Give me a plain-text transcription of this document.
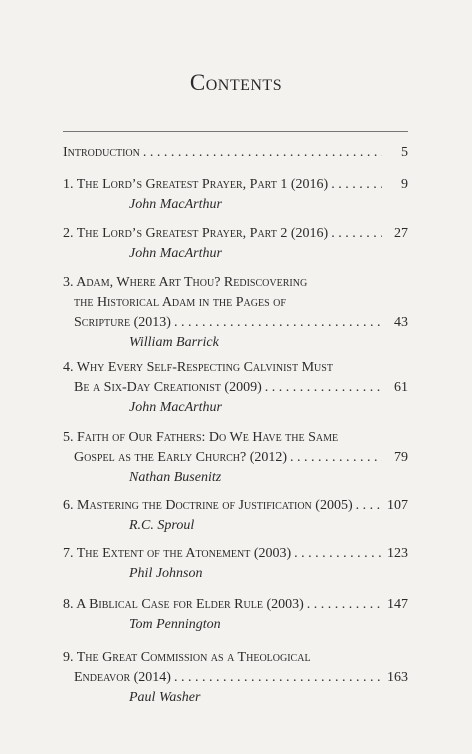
Contents
Introduction . . .	5
1. The Lord’s Greatest Prayer, Part 1 (2016) . . .	9
John MacArthur
2. The Lord’s Greatest Prayer, Part 2 (2016) . . .	27
John MacArthur
3. Adam, Where Art Thou? Rediscovering
the Historical Adam in the Pages of
Scripture (2013) . . .	43
William Barrick
4. Why Every Self-Respecting Calvinist Must
Be a Six-Day Creationist (2009) . . .	61
John MacArthur
5. Faith of Our Fathers: Do We Have the Same
Gospel as the Early Church? (2012) . . .	79
Nathan Busenitz
6. Mastering the Doctrine of Justification (2005) . . . 107
R.C. Sproul
7. The Extent of the Atonement (2003) . . .	123
Phil Johnson
8. A Biblical Case for Elder Rule (2003) . . .	147
Tom Pennington
9. The Great Commission as a Theological
Endeavor (2014) . . .	163
Paul Washer
